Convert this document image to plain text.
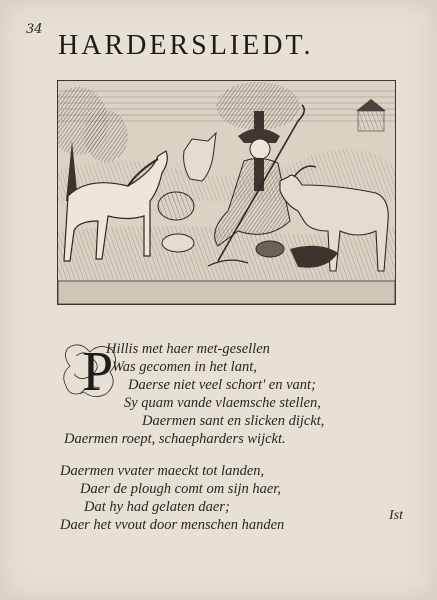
34
HARDERSLIEDT.
P
Hillis met haer met-gesellen
Was gecomen in het lant,
Daerse niet veel schort' en vant;
Sy quam vande vlaemsche stellen,
Daermen sant en slicken dijckt,
Daermen roept, schaepharders wijckt.
Daermen vvater maeckt tot landen,
Daer de plough comt om sijn haer,
Dat hy had gelaten daer;
Daer het vvout door menschen handen
Ist
